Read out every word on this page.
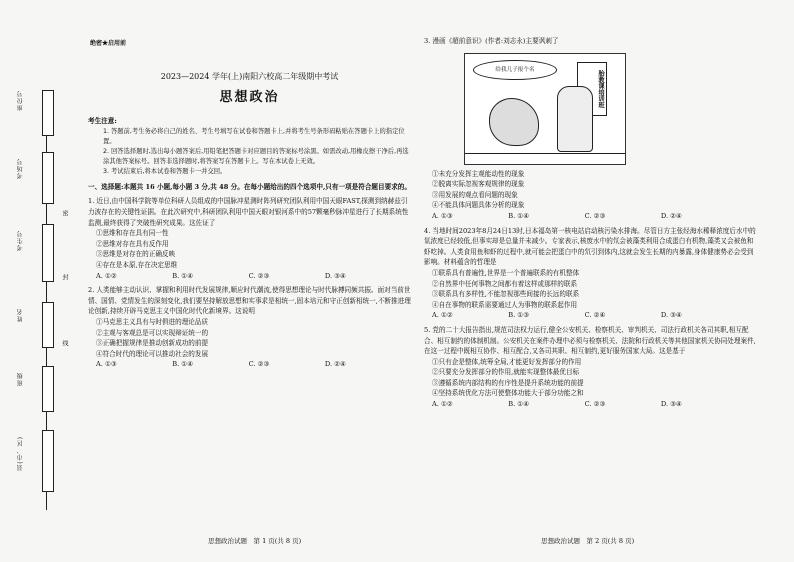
座位号
考场号
考生号
姓名
班级
县(市、区)
密
封
线
绝密★启用前
2023—2024 学年(上)南阳六校高二年级期中考试
思想政治
考生注意:
1. 答题前,考生务必将自己的姓名、考生号填写在试卷和答题卡上,并将考生号条形码粘贴在答题卡上的指定位置。
2. 回答选择题时,选出每小题答案后,用铅笔把答题卡对应题目的答案标号涂黑。如需改动,用橡皮擦干净后,再选涂其他答案标号。回答非选择题时,将答案写在答题卡上。写在本试卷上无效。
3. 考试结束后,将本试卷和答题卡一并交回。
一、选择题:本题共 16 小题,每小题 3 分,共 48 分。在每小题给出的四个选项中,只有一项是符合题目要求的。
1. 近日,由中国科学院等单位科研人员组成的中国脉冲星测时阵列研究团队利用中国天眼FAST,探测到纳赫兹引力波存在的关键性证据。在此次研究中,科研团队利用中国天眼对银河系中的57颗毫秒脉冲星进行了长期系统性监测,最终获得了突破性研究成果。这佐证了
①思维和存在具有同一性
②思维对存在具有反作用
③思维是对存在的正确反映
④存在是本原,存在决定思维
A. ①②	B. ①④	C. ②③	D. ③④
2. 人类能够主动认识、掌握和利用时代发展规律,顺应时代潮流,使得思想理论与时代脉搏同频共振。面对当前世情、国情、党情发生的深刻变化,我们要坚持解放思想和实事求是相统一,固本培元和守正创新相统一,不断推进理论创新,持续开辟马克思主义中国化时代化新境界。这说明
①马克思主义具有与时俱进的理论品质
②主观与客观总是可以实现辩证统一的
③正确把握规律是推动创新成功的前提
④符合时代的理论可以推动社会的发展
A. ①③	B. ①④	C. ②③	D. ②④
3. 漫画《超前意识》(作者:刘志永)主要讽刺了
给我儿子报个名
胎教课培训班
①未充分发挥主观能动性的现象
②脱离实际忽视客观规律的现象
③用发展的观点看问题的现象
④不能具体问题具体分析的现象
A. ①③	B. ①④	C. ②③	D. ②④
4. 当地时间2023年8月24日13时,日本福岛第一核电站启动核污染水排海。尽管日方主张经海水稀释浓度后水中的氚浓度已经较低,但事实却是总量并未减少。专家表示,核废水中的氘会被藻类利用合成蛋白有机物,藻类又会被鱼和虾吃掉。人类食用鱼和虾的过程中,就可能会把蛋白中的氘引到体内,这就会发生长期的内暴露,身体健康势必会受到影响。材料蕴含的哲理是
①联系具有普遍性,世界是一个普遍联系的有机整体
②自然界中任何事物之间都有着这样或那样的联系
③联系具有多样性,不能忽视那些间接的长远的联系
④自在事物的联系需要通过人为事物的联系起作用
A. ①②	B. ①③	C. ②④	D. ③④
5. 党的二十大报告指出,规范司法权力运行,健全公安机关、检察机关、审判机关、司法行政机关各司其职,相互配合、相互制约的体制机制。公安机关在案件办理中必须与检察机关、法院和行政机关等其他国家机关协同处理案件,在这一过程中既相互协作、相互配合,又各司其职、相互制约,更好服务国家大局。这是基于
①只有企是整体,统筹全局,才能更好发挥部分的作用
②只要充分发挥部分的作用,就能实现整体最优目标
③遵循系统内部结构的有序性是提升系统功能的前提
④坚持系统优化方法可使整体功能大于部分功能之和
A. ①②	B. ①④	C. ②③	D. ③④
思想政治试题　第 1 页(共 8 页)	思想政治试题　第 2 页(共 8 页)
